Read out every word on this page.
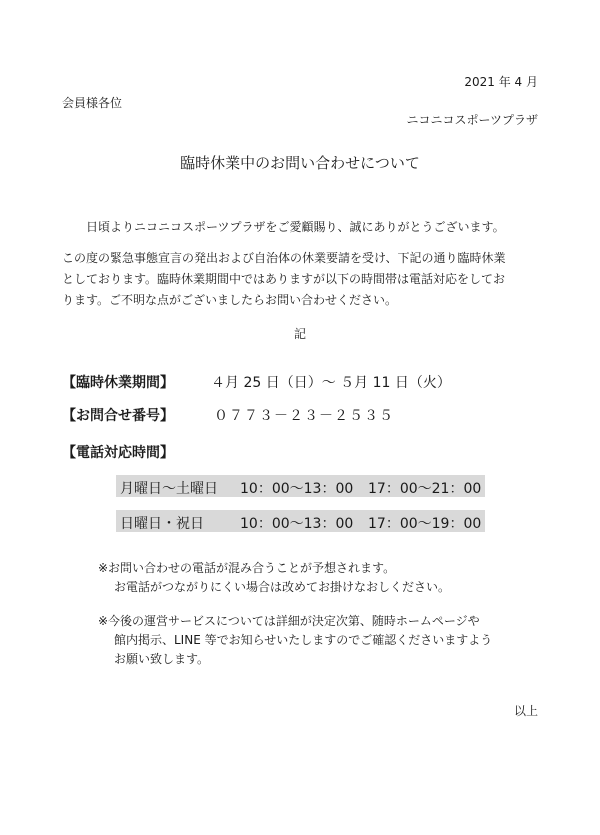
2021 年 4 月
会員様各位
ニコニコスポーツプラザ
臨時休業中のお問い合わせについて
日頃よりニコニコスポーツプラザをご愛顧賜り、誠にありがとうございます。
この度の緊急事態宣言の発出および自治体の休業要請を受け、下記の通り臨時休業
としております。臨時休業期間中ではありますが以下の時間帯は電話対応をしてお
ります。ご不明な点がございましたらお問い合わせください。
記
【臨時休業期間】	４月 25 日（日）～ ５月 11 日（火）
【お問合せ番号】	０７７３－２３－２５３５
【電話対応時間】
月曜日～土曜日 10：00～13：00 17：00～21：00
日曜日・祝日	10：00～13：00 17：00～19：00
※お問い合わせの電話が混み合うことが予想されます。
お電話がつながりにくい場合は改めてお掛けなおしください。
※今後の運営サービスについては詳細が決定次第、随時ホームページや
館内掲示、LINE 等でお知らせいたしますのでご確認くださいますよう
お願い致します。
以上
